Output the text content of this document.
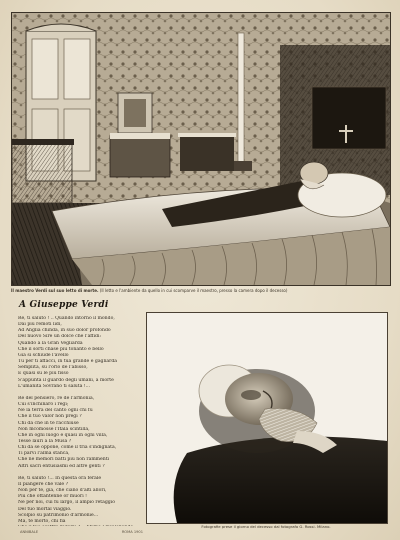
Il maestro Verdi sul suo letto di morte. (Il letto e l'ambiente da quello in cui scomparve il maestro, presso la camera dopo il decesso)
A Giuseppe Verdi
Re, ti saluto ! .. Quando intorno il mondo,
Dai più remoti lidi,
Ad Anglia chinda, in suo dolor profondo
Del nuovo Sire un dolce che l'affidi:
Quando a la Gran Vegliarda
Che il sorti chase più tonanto e bello
Già si schiude l'avello
Tu per ti affacci, in tua grande e gagliarda
Semplità, su l'orlo de l'abisso,
E quasi su le più fisso
S'appunta il guardo degli umani, a morte
L'umanità Sovrano ti saluta !...
Re del pensiero, re de l'armonia,
Cui s'inchinâro i regi;
Ne la terra del canto ogni chi fu
Che il tuo valor non pregi ?
Chi da che in te racchiuse
Non mcomosse l'Itala scintilla,
Che in ogni luogo e quasi in ogni villa,
Tesse lauri a la Musa ?
Chi da se oppone, come il tria s'indignata,
Ti parvi l'alma stanca,
Che né memori batti più non rammenti
Altri sacri entusiasmi ed altre genti ?
Re, ti saluto !... In questa ora ferale
Il piangere che vale ?
Non per te, già, che ciano d'alti allori,
Più che ottantenne or muori !
Nè per noi, cui fu largo, il ampio retaggio
Del tuo mortal viaggio.
Scolpio su patrimonio d'armonie...
Ma, te morto, chi fia
ANNIBALE	ROMA 1901
Fotografie prese il giorno del decesso dal fotografo G. Rossi. Milano.
